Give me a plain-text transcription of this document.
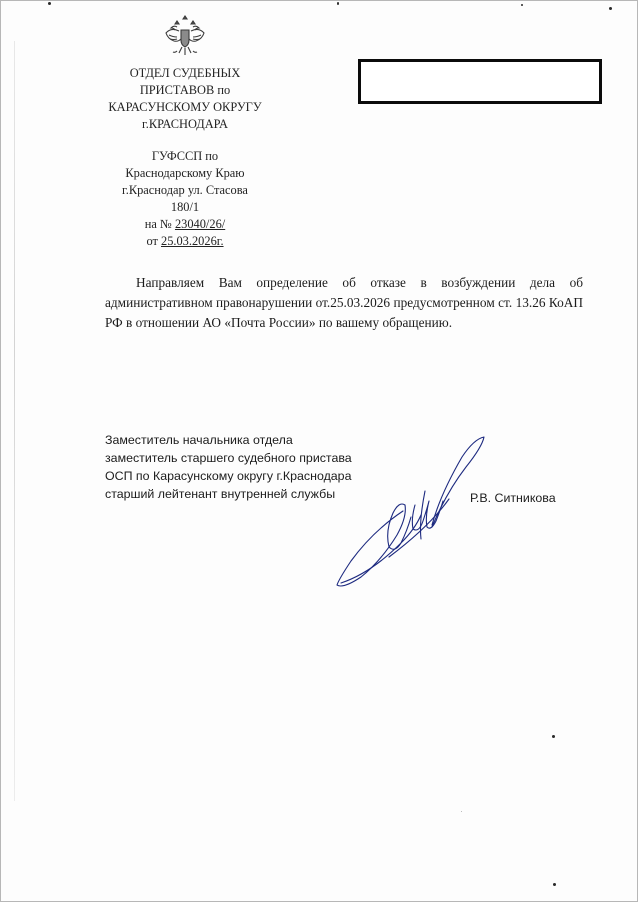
ОТДЕЛ СУДЕБНЫХ
ПРИСТАВОВ по
КАРАСУНСКОМУ ОКРУГУ
г.КРАСНОДАРА
ГУФССП по
Краснодарскому Краю
г.Краснодар ул. Стасова
180/1
на № 23040/26/
от 25.03.2026г.
Направляем Вам определение об отказе в возбуждении дела об административном правонарушении от.25.03.2026 предусмотренном ст. 13.26 КоАП РФ в отношении АО «Почта России» по вашему обращению.
Заместитель начальника отдела
заместитель старшего судебного пристава
ОСП по Карасунскому округу г.Краснодара
старший лейтенант внутренней службы	Р.В. Ситникова
